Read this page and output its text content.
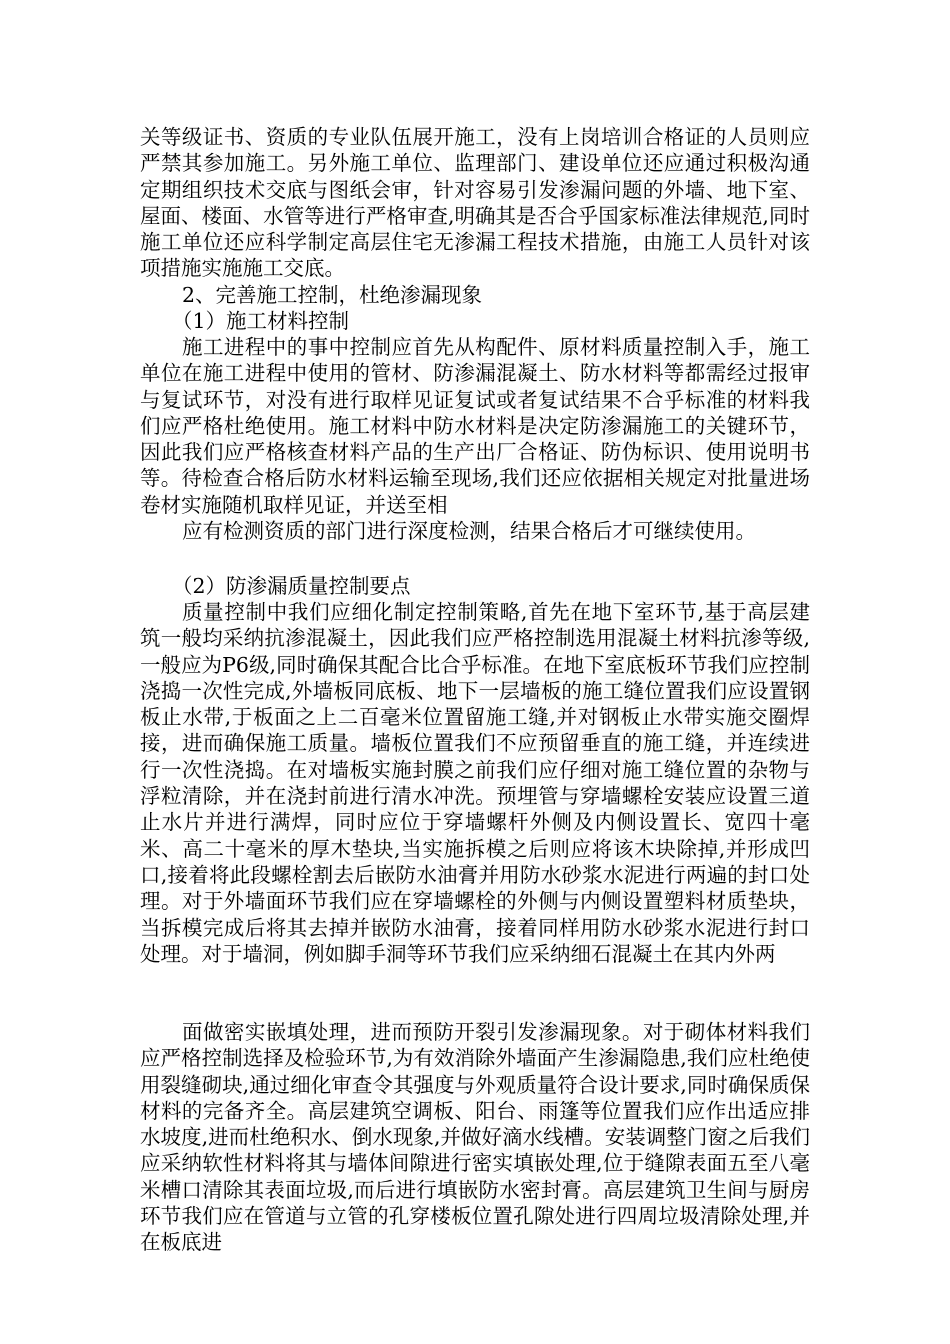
关等级证书、资质的专业队伍展开施工，没有上岗培训合格证的人员则应严禁其参加施工。另外施工单位、监理部门、建设单位还应通过积极沟通定期组织技术交底与图纸会审，针对容易引发渗漏问题的外墙、地下室、屋面、楼面、水管等进行严格审查,明确其是否合乎国家标准法律规范,同时施工单位还应科学制定高层住宅无渗漏工程技术措施，由施工人员针对该项措施实施施工交底。

2、完善施工控制，杜绝渗漏现象

（1）施工材料控制

施工进程中的事中控制应首先从构配件、原材料质量控制入手，施工单位在施工进程中使用的管材、防渗漏混凝土、防水材料等都需经过报审与复试环节，对没有进行取样见证复试或者复试结果不合乎标准的材料我们应严格杜绝使用。施工材料中防水材料是决定防渗漏施工的关键环节，因此我们应严格核查材料产品的生产出厂合格证、防伪标识、使用说明书等。待检查合格后防水材料运输至现场,我们还应依据相关规定对批量进场卷材实施随机取样见证，并送至相

应有检测资质的部门进行深度检测，结果合格后才可继续使用。

（2）防渗漏质量控制要点

质量控制中我们应细化制定控制策略,首先在地下室环节,基于高层建筑一般均采纳抗渗混凝土，因此我们应严格控制选用混凝土材料抗渗等级,一般应为P6级,同时确保其配合比合乎标准。在地下室底板环节我们应控制浇捣一次性完成,外墙板同底板、地下一层墙板的施工缝位置我们应设置钢板止水带,于板面之上二百毫米位置留施工缝,并对钢板止水带实施交圈焊接，进而确保施工质量。墙板位置我们不应预留垂直的施工缝，并连续进行一次性浇捣。在对墙板实施封膜之前我们应仔细对施工缝位置的杂物与浮粒清除，并在浇封前进行清水冲洗。预埋管与穿墙螺栓安装应设置三道止水片并进行满焊，同时应位于穿墙螺杆外侧及内侧设置长、宽四十毫米、高二十毫米的厚木垫块,当实施拆模之后则应将该木块除掉,并形成凹口,接着将此段螺栓割去后嵌防水油膏并用防水砂浆水泥进行两遍的封口处理。对于外墙面环节我们应在穿墙螺栓的外侧与内侧设置塑料材质垫块，当拆模完成后将其去掉并嵌防水油膏，接着同样用防水砂浆水泥进行封口处理。对于墙洞，例如脚手洞等环节我们应采纳细石混凝土在其内外两

面做密实嵌填处理，进而预防开裂引发渗漏现象。对于砌体材料我们应严格控制选择及检验环节,为有效消除外墙面产生渗漏隐患,我们应杜绝使用裂缝砌块,通过细化审查令其强度与外观质量符合设计要求,同时确保质保材料的完备齐全。高层建筑空调板、阳台、雨篷等位置我们应作出适应排水坡度,进而杜绝积水、倒水现象,并做好滴水线槽。安装调整门窗之后我们应采纳软性材料将其与墙体间隙进行密实填嵌处理,位于缝隙表面五至八毫米槽口清除其表面垃圾,而后进行填嵌防水密封膏。高层建筑卫生间与厨房环节我们应在管道与立管的孔穿楼板位置孔隙处进行四周垃圾清除处理,并在板底进
